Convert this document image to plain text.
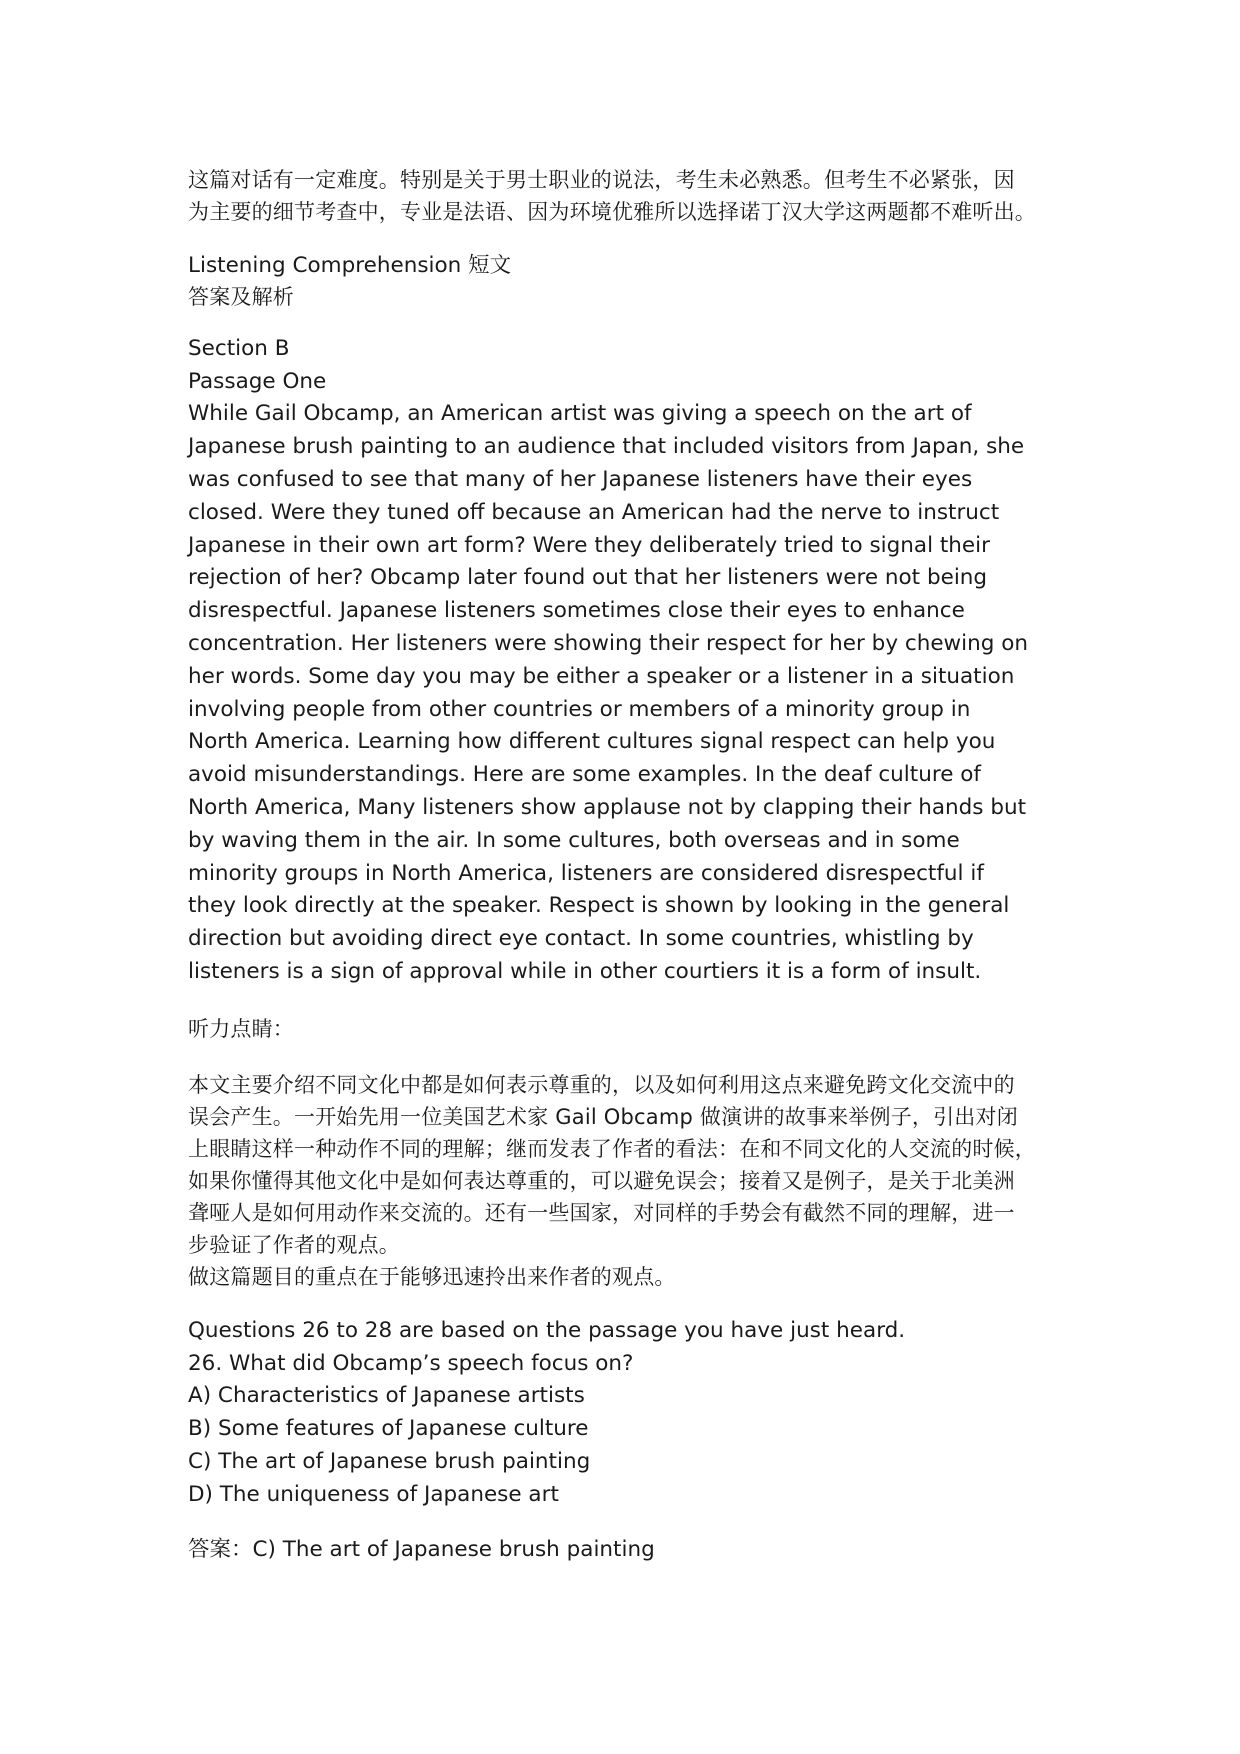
这篇对话有一定难度。特别是关于男士职业的说法，考生未必熟悉。但考生不必紧张，因
为主要的细节考查中，专业是法语、因为环境优雅所以选择诺丁汉大学这两题都不难听出。
Listening Comprehension 短文
答案及解析
Section B
Passage One
While Gail Obcamp, an American artist was giving a speech on the art of
Japanese brush painting to an audience that included visitors from Japan, she
was confused to see that many of her Japanese listeners have their eyes
closed. Were they tuned off because an American had the nerve to instruct
Japanese in their own art form? Were they deliberately tried to signal their
rejection of her? Obcamp later found out that her listeners were not being
disrespectful. Japanese listeners sometimes close their eyes to enhance
concentration. Her listeners were showing their respect for her by chewing on
her words. Some day you may be either a speaker or a listener in a situation
involving people from other countries or members of a minority group in
North America. Learning how different cultures signal respect can help you
avoid misunderstandings. Here are some examples. In the deaf culture of
North America, Many listeners show applause not by clapping their hands but
by waving them in the air. In some cultures, both overseas and in some
minority groups in North America, listeners are considered disrespectful if
they look directly at the speaker. Respect is shown by looking in the general
direction but avoiding direct eye contact. In some countries, whistling by
listeners is a sign of approval while in other courtiers it is a form of insult.
听力点睛：
本文主要介绍不同文化中都是如何表示尊重的，以及如何利用这点来避免跨文化交流中的
误会产生。一开始先用一位美国艺术家 Gail Obcamp 做演讲的故事来举例子，引出对闭
上眼睛这样一种动作不同的理解；继而发表了作者的看法：在和不同文化的人交流的时候，
如果你懂得其他文化中是如何表达尊重的，可以避免误会；接着又是例子，是关于北美洲
聋哑人是如何用动作来交流的。还有一些国家，对同样的手势会有截然不同的理解，进一
步验证了作者的观点。
做这篇题目的重点在于能够迅速拎出来作者的观点。
Questions 26 to 28 are based on the passage you have just heard.
26. What did Obcamp’s speech focus on?
A) Characteristics of Japanese artists
B) Some features of Japanese culture
C) The art of Japanese brush painting
D) The uniqueness of Japanese art
答案：C) The art of Japanese brush painting
